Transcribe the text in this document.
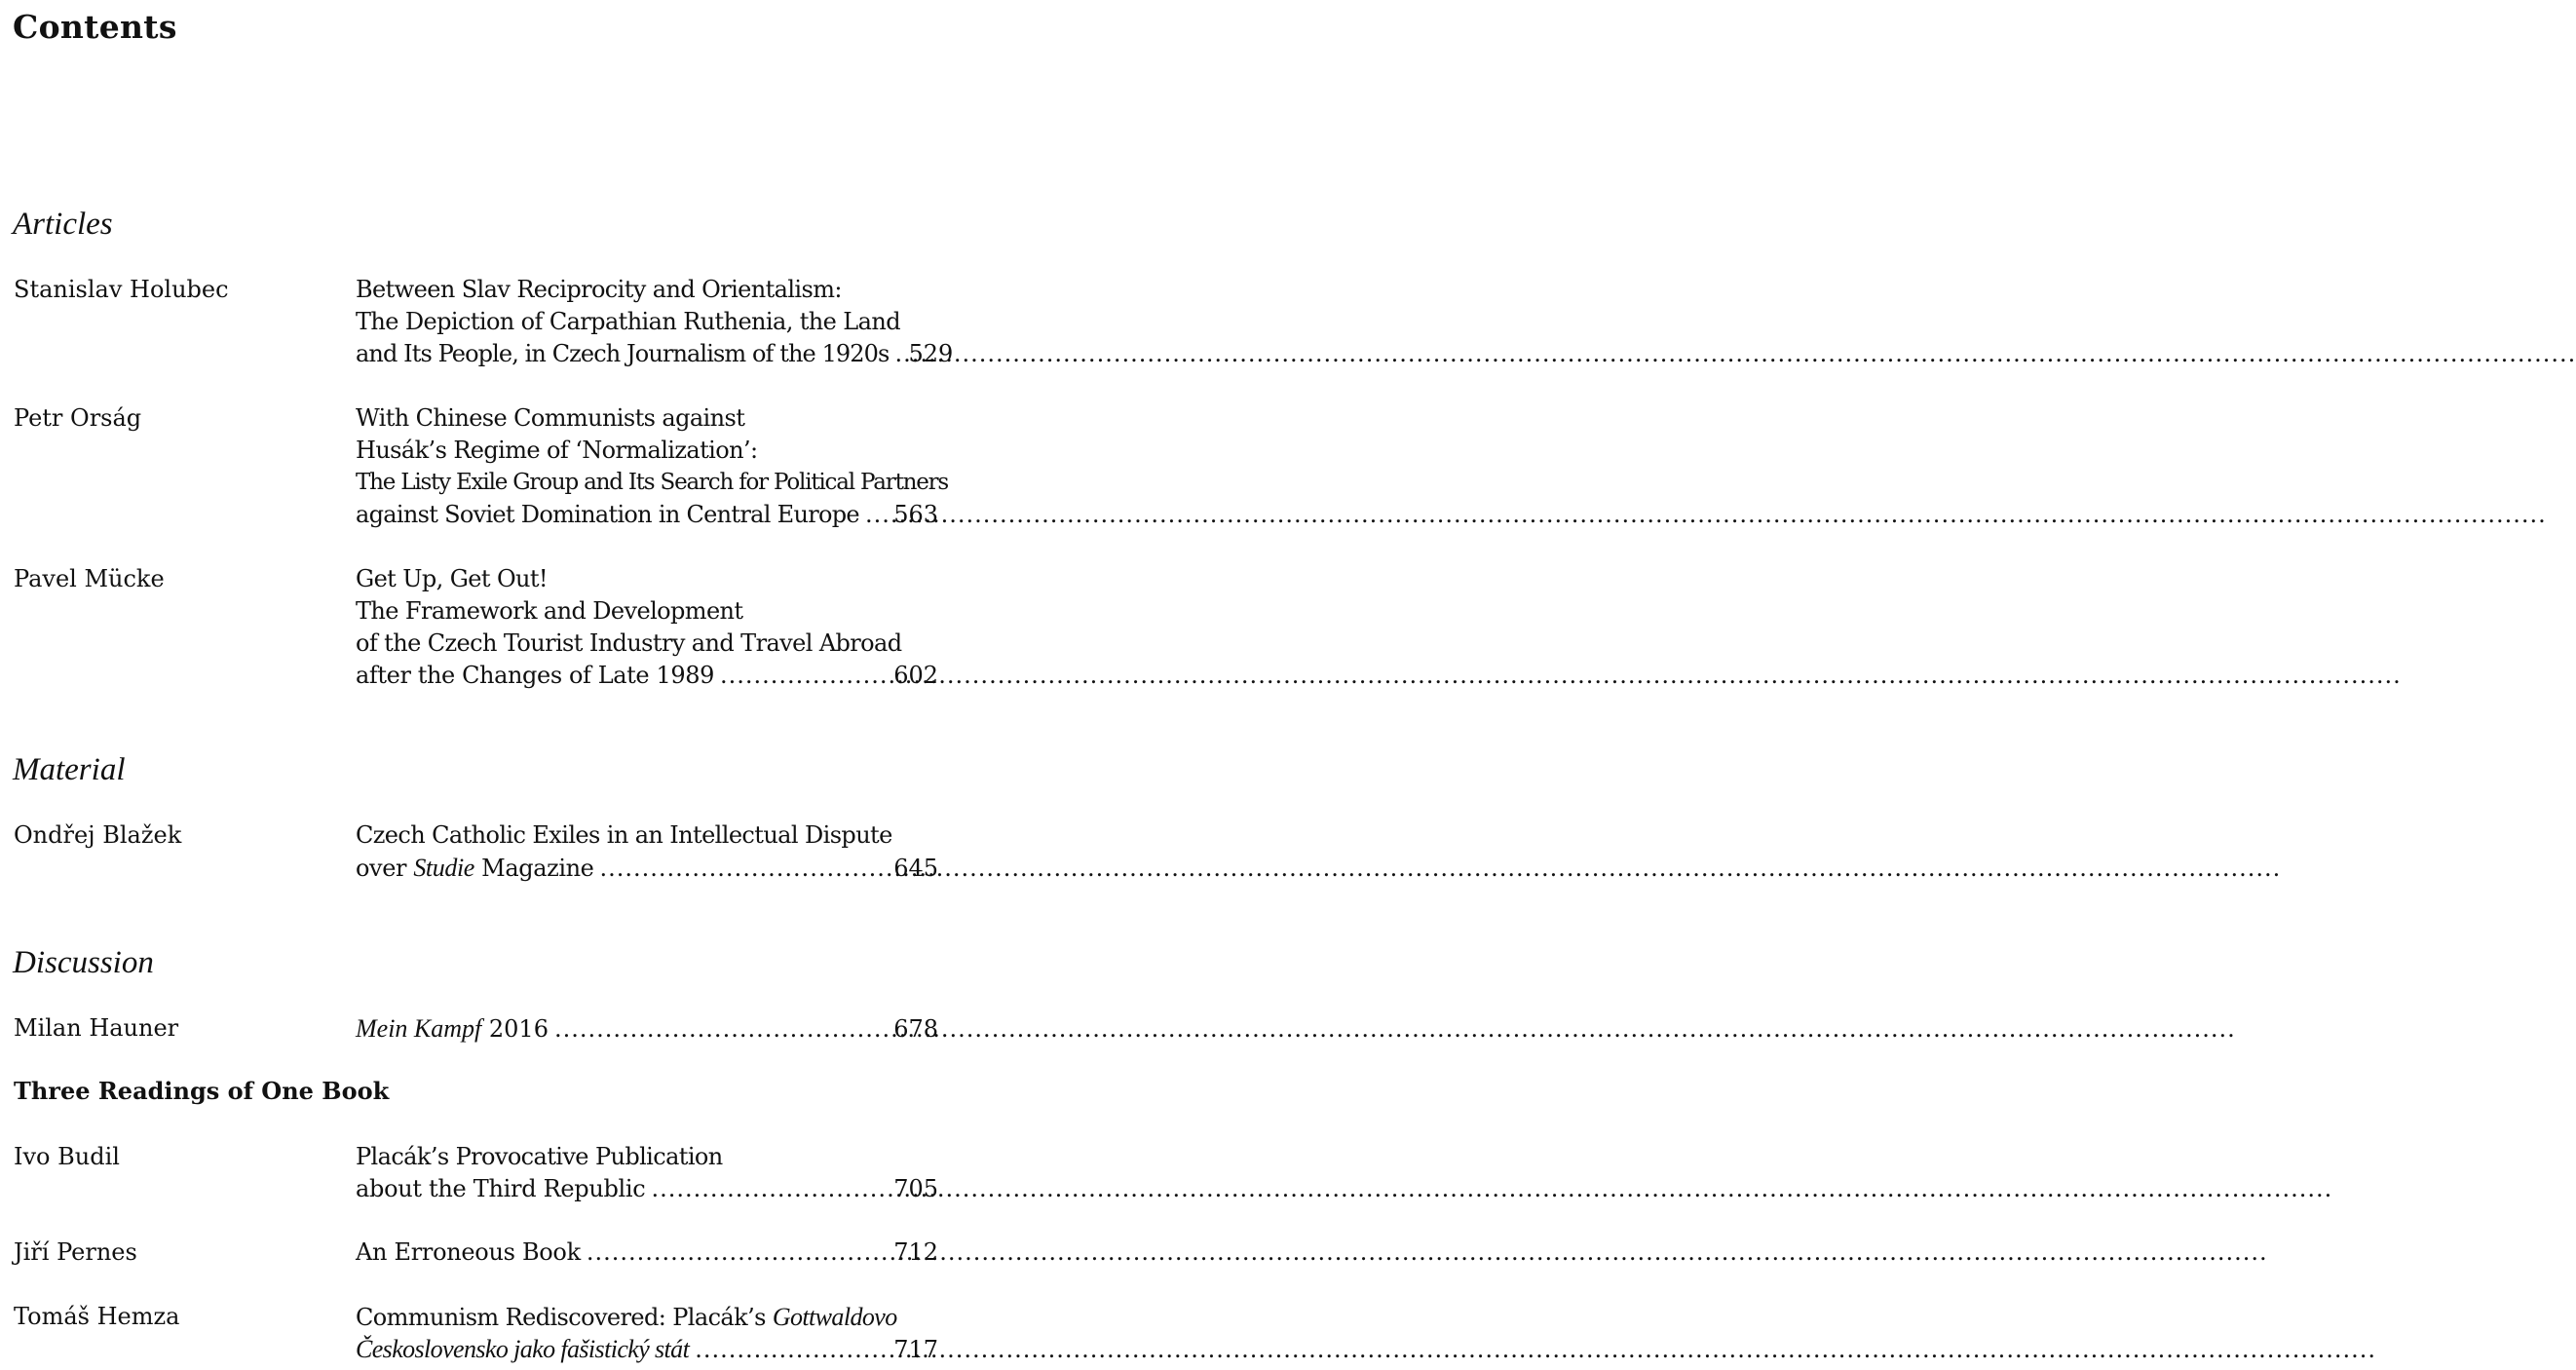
Contents
Articles
Stanislav Holubec	Between Slav Reciprocity and Orientalism:
The Depiction of Carpathian Ruthenia, the Land
and Its People, in Czech Journalism of the 1920s ..... 529
Petr Orság	With Chinese Communists against
Husák’s Regime of ‘Normalization’:
The Listy Exile Group and Its Search for Political Partners
against Soviet Domination in Central Europe ..... 563
Pavel Mücke	Get Up, Get Out!
The Framework and Development
of the Czech Tourist Industry and Travel Abroad
after the Changes of Late 1989 .....	602
Material
Ondřej Blažek	Czech Catholic Exiles in an Intellectual Dispute
over Studie Magazine .....	645
Discussion
Milan Hauner	Mein Kampf 2016 .....	678
Three Readings of One Book
Ivo Budil	Placák’s Provocative Publication
about the Third Republic .....	705
Jiří Pernes	An Erroneous Book .....	712
Tomáš Hemza	Communism Rediscovered: Placák’s Gottwaldovo
Československo jako fašistický stát .....	717
